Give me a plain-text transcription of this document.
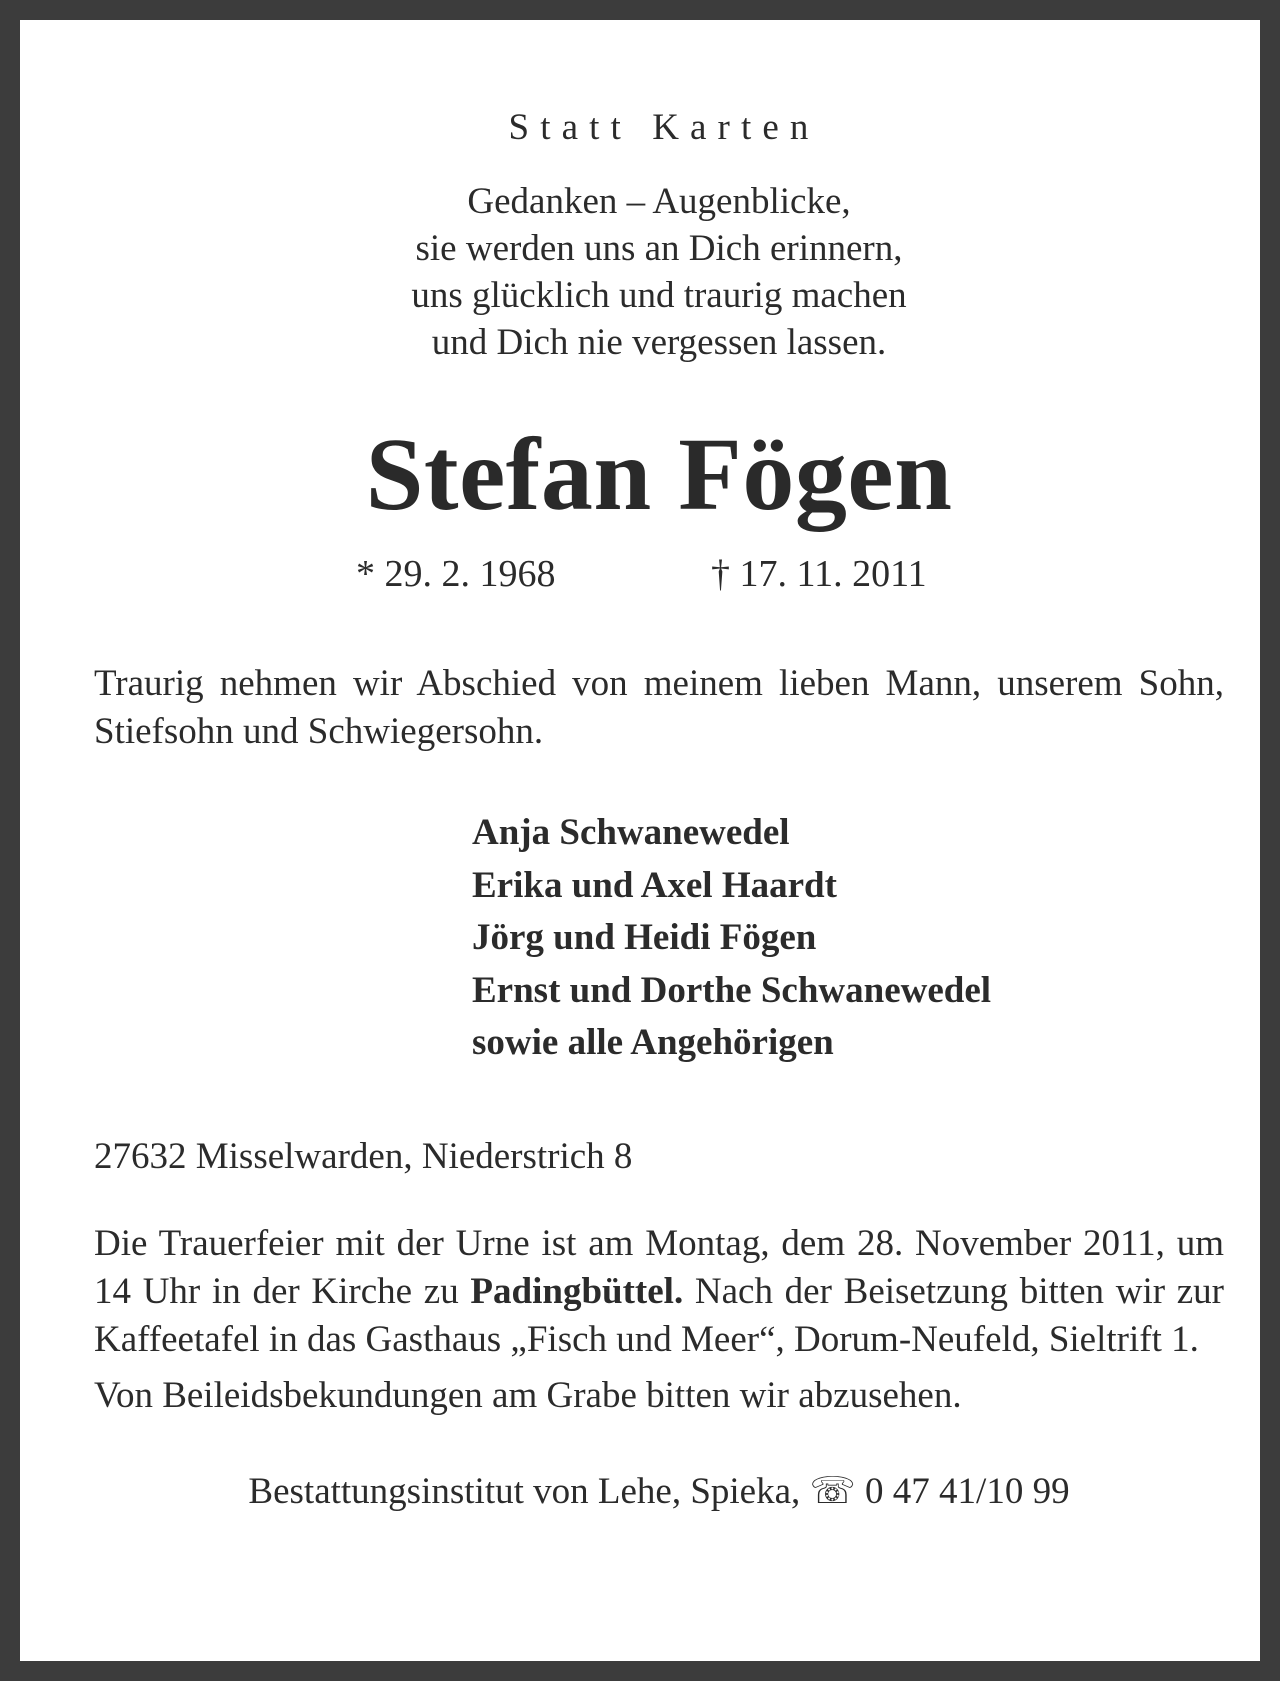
Statt Karten
Gedanken – Augenblicke,
sie werden uns an Dich erinnern,
uns glücklich und traurig machen
und Dich nie vergessen lassen.
Stefan Fögen
* 29. 2. 1968	† 17. 11. 2011

Traurig nehmen wir Abschied von meinem lieben Mann, unserem Sohn, Stiefsohn und Schwiegersohn.

Anja Schwanewedel
Erika und Axel Haardt
Jörg und Heidi Fögen
Ernst und Dorthe Schwanewedel
sowie alle Angehörigen

27632 Misselwarden, Niederstrich 8

Die Trauerfeier mit der Urne ist am Montag, dem 28. November 2011, um 14 Uhr in der Kirche zu Padingbüttel. Nach der Beisetzung bitten wir zur Kaffeetafel in das Gasthaus „Fisch und Meer“, Dorum-Neufeld, Sieltrift 1.

Von Beileidsbekundungen am Grabe bitten wir abzusehen.

Bestattungsinstitut von Lehe, Spieka, ☏ 0 47 41/10 99
